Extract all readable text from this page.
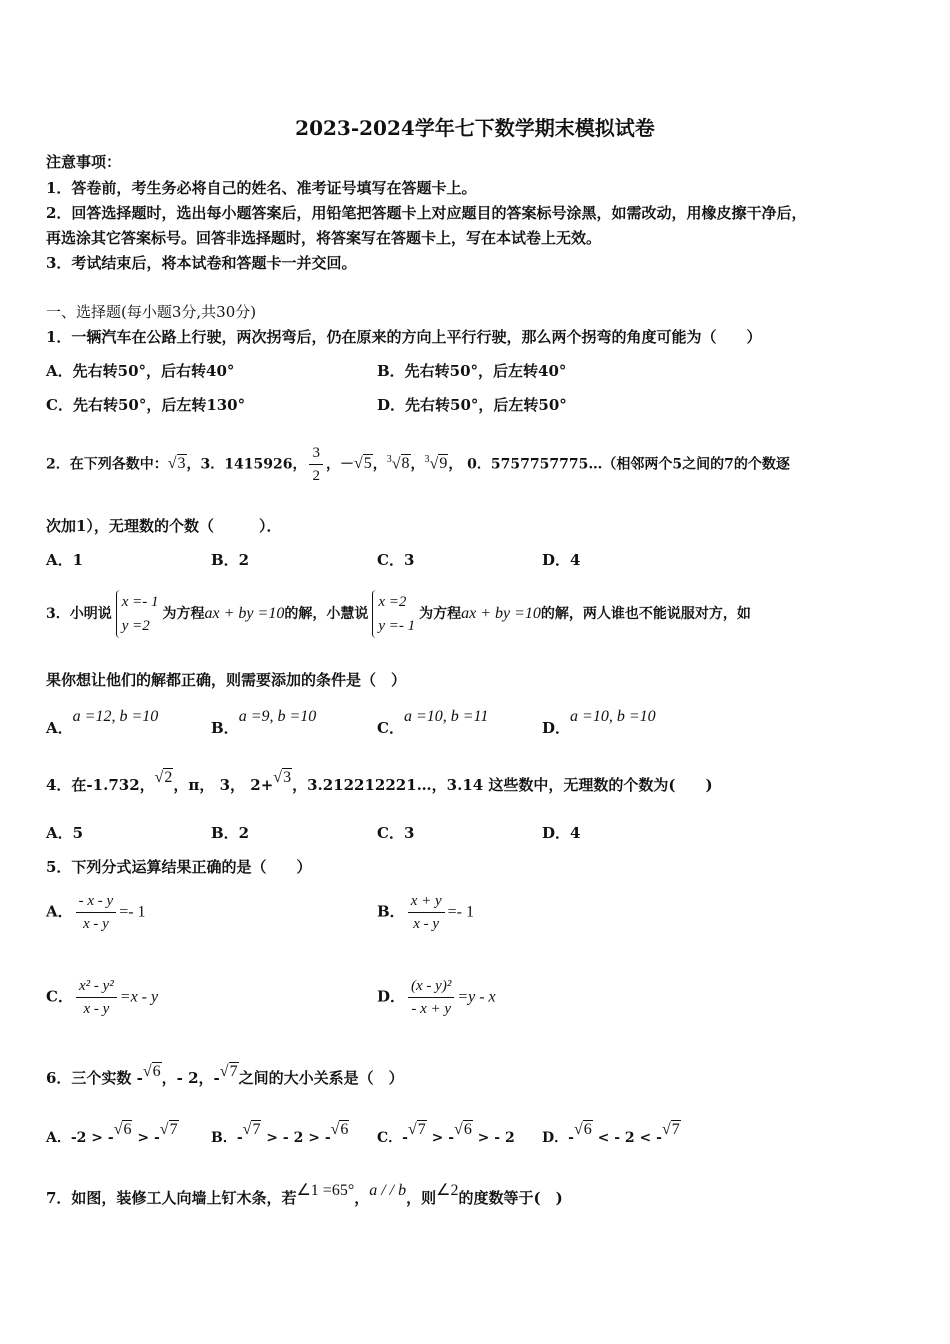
2023-2024学年七下数学期末模拟试卷
注意事项：
1．答卷前，考生务必将自己的姓名、准考证号填写在答题卡上。
2．回答选择题时，选出每小题答案后，用铅笔把答题卡上对应题目的答案标号涂黑，如需改动，用橡皮擦干净后，
再选涂其它答案标号。回答非选择题时，将答案写在答题卡上，写在本试卷上无效。
3．考试结束后，将本试卷和答题卡一并交回。
一、选择题(每小题3分,共30分)
1．一辆汽车在公路上行驶，两次拐弯后，仍在原来的方向上平行行驶，那么两个拐弯的角度可能为（　　）
A．先右转50°，后右转40°	B．先右转50°，后左转40°
C．先右转50°，后左转130°	D．先右转50°，后左转50°
2．在下列各数中：√3，3．1415926， $\frac{3}{2}$ ，－√5，$^3$√8，$^3$√9， 0．5757757775…（相邻两个5之间的7的个数逐
次加1），无理数的个数（　　　）．
A．1	B．2	C．3	D．4
3．小明说
x =- 1
y =2
为方程ax + by =10的解，小慧说
x =2
y =- 1
为方程ax + by =10的解，两人谁也不能说服对方，如
果你想让他们的解都正确，则需要添加的条件是（　）
A．a =12, b =10
B．a =9, b =10
C．a =10, b =11
D．a =10, b =10
4．在-1.732，√2，π， 3， 2+√3，3.212212221…，3.14 这些数中，无理数的个数为(　　)
A．5	B．2	C．3	D．4
5．下列分式运算结果正确的是（　　）
A． $\frac{- x - y}{x - y} =- 1$	B． $\frac{x + y}{x - y} =- 1$
C． $\frac{\text{x² - y²}}{x - y} =x - y$	D． $\frac{\text{(x - y)²}}{- x + y} =y - x$
6．三个实数 -√6，- 2，-√7之间的大小关系是（　）
A．-2 > -√6 > -√7 B．-√7 > - 2 > -√6 C．-√7 > -√6 > - 2 D．-√6 < - 2 < -√7
7．如图，装修工人向墙上钉木条，若∠1 =65°，a / / b，则∠2的度数等于(　)
